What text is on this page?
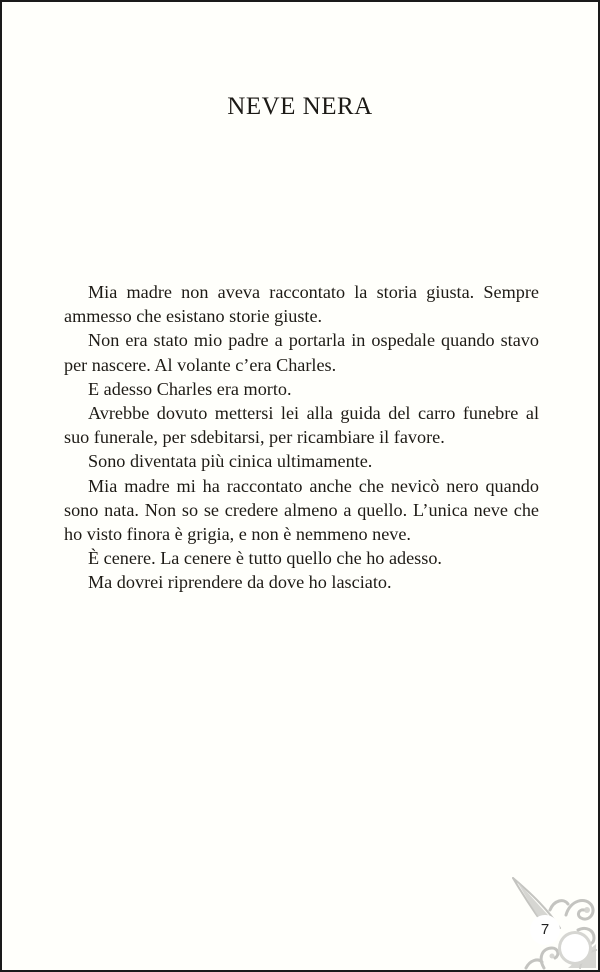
NEVE NERA

Mia madre non aveva raccontato la storia giusta. Sempre ammesso che esistano storie giuste.

Non era stato mio padre a portarla in ospedale quando stavo per nascere. Al volante c’era Charles.

E adesso Charles era morto.

Avrebbe dovuto mettersi lei alla guida del carro funebre al suo funerale, per sdebitarsi, per ricambiare il favore.

Sono diventata più cinica ultimamente.

Mia madre mi ha raccontato anche che nevicò nero quando sono nata. Non so se credere almeno a quello. L’unica neve che ho visto finora è grigia, e non è nemmeno neve.

È cenere. La cenere è tutto quello che ho adesso.

Ma dovrei riprendere da dove ho lasciato.

7
